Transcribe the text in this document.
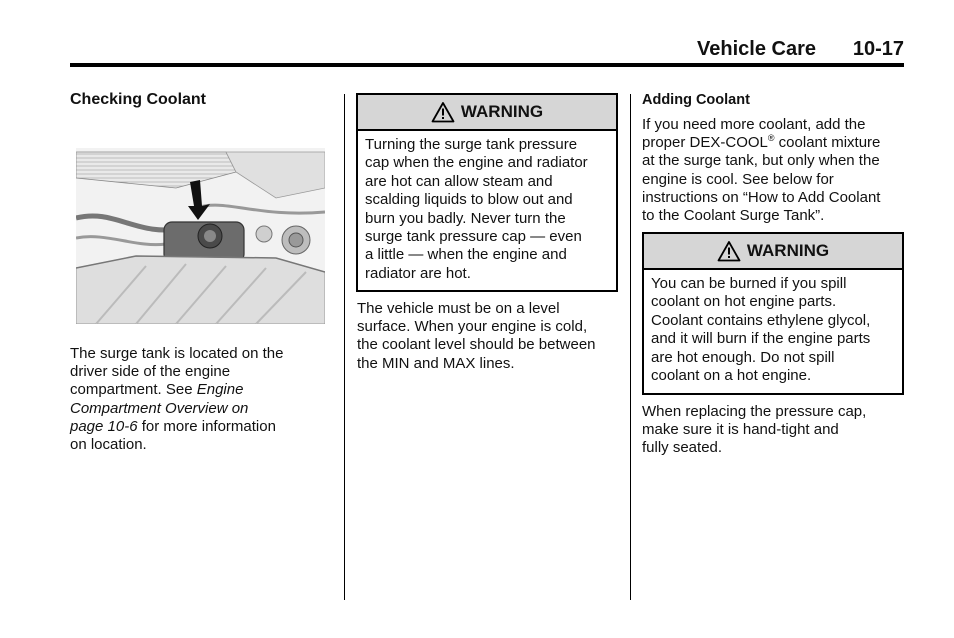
Vehicle Care 10-17
Checking Coolant
The surge tank is located on the
driver side of the engine
compartment. See Engine
Compartment Overview on
page 10-6 for more information
on location.
WARNING
Turning the surge tank pressure
cap when the engine and radiator
are hot can allow steam and
scalding liquids to blow out and
burn you badly. Never turn the
surge tank pressure cap — even
a little — when the engine and
radiator are hot.
The vehicle must be on a level
surface. When your engine is cold,
the coolant level should be between
the MIN and MAX lines.
Adding Coolant
If you need more coolant, add the
proper DEX-COOL® coolant mixture
at the surge tank, but only when the
engine is cool. See below for
instructions on “How to Add Coolant
to the Coolant Surge Tank”.
WARNING
You can be burned if you spill
coolant on hot engine parts.
Coolant contains ethylene glycol,
and it will burn if the engine parts
are hot enough. Do not spill
coolant on a hot engine.
When replacing the pressure cap,
make sure it is hand-tight and
fully seated.
